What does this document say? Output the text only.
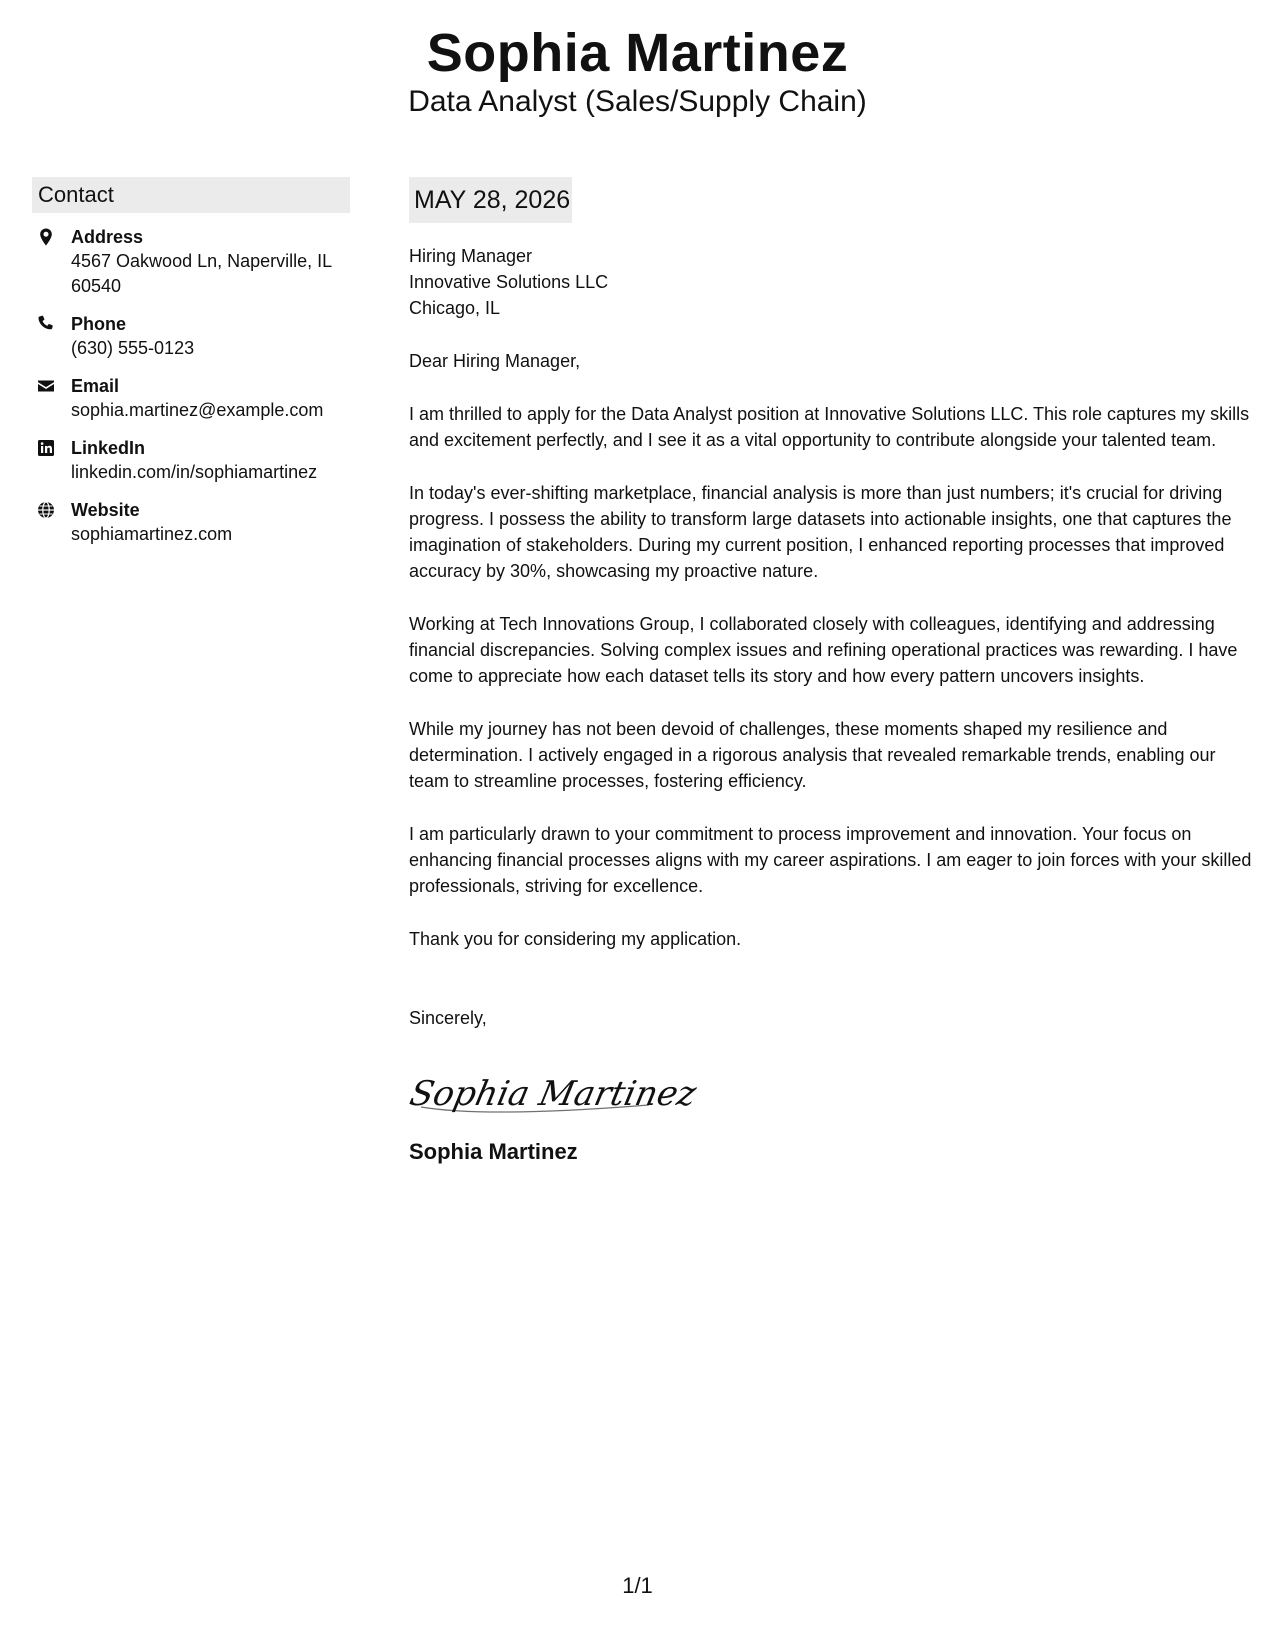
Sophia Martinez
Data Analyst (Sales/Supply Chain)
Contact
Address
4567 Oakwood Ln, Naperville, IL 60540
Phone
(630) 555-0123
Email
sophia.martinez@example.com
LinkedIn
linkedin.com/in/sophiamartinez
Website
sophiamartinez.com
MAY 28, 2026
Hiring Manager
Innovative Solutions LLC
Chicago, IL
Dear Hiring Manager,
I am thrilled to apply for the Data Analyst position at Innovative Solutions LLC. This role captures my skills and excitement perfectly, and I see it as a vital opportunity to contribute alongside your talented team.
In today's ever-shifting marketplace, financial analysis is more than just numbers; it's crucial for driving progress. I possess the ability to transform large datasets into actionable insights, one that captures the imagination of stakeholders. During my current position, I enhanced reporting processes that improved accuracy by 30%, showcasing my proactive nature.
Working at Tech Innovations Group, I collaborated closely with colleagues, identifying and addressing financial discrepancies. Solving complex issues and refining operational practices was rewarding. I have come to appreciate how each dataset tells its story and how every pattern uncovers insights.
While my journey has not been devoid of challenges, these moments shaped my resilience and determination. I actively engaged in a rigorous analysis that revealed remarkable trends, enabling our team to streamline processes, fostering efficiency.
I am particularly drawn to your commitment to process improvement and innovation. Your focus on enhancing financial processes aligns with my career aspirations. I am eager to join forces with your skilled professionals, striving for excellence.
Thank you for considering my application.
Sincerely,
Sophia Martinez
Sophia Martinez
1/1
